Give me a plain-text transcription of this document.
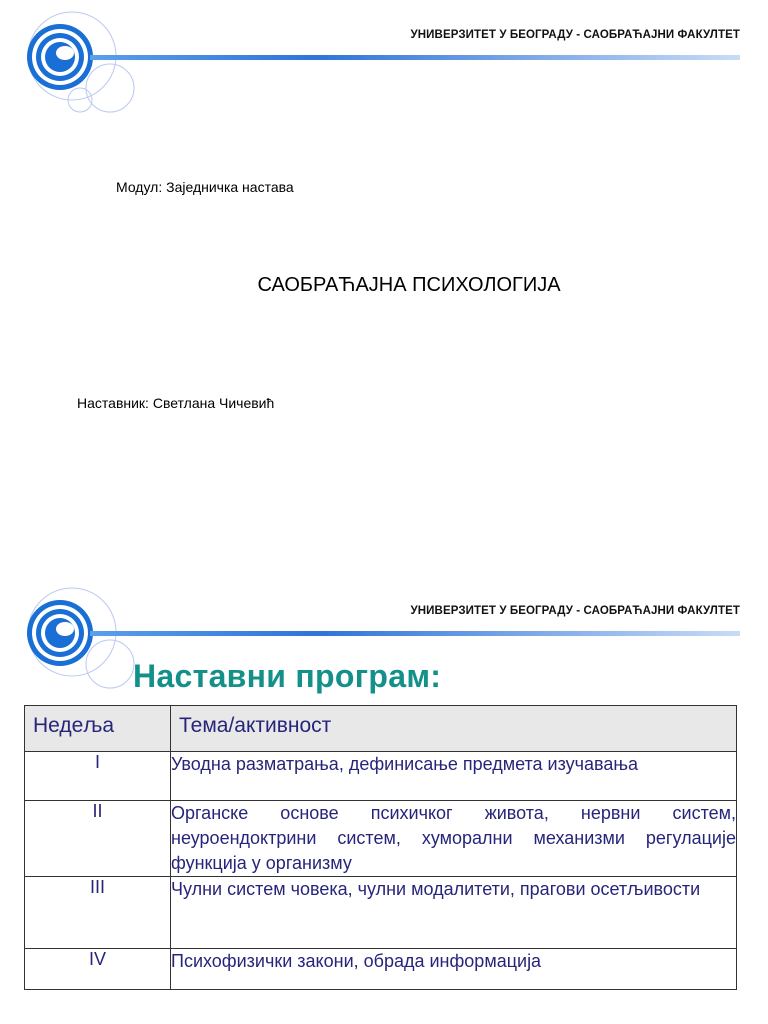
УНИВЕРЗИТЕТ У БЕОГРАДУ - САОБРАЋАЈНИ ФАКУЛТЕТ
Модул: Заједничка настава
САОБРАЋАЈНА ПСИХОЛОГИЈА
Наставник: Светлана Чичевић
УНИВЕРЗИТЕТ У БЕОГРАДУ - САОБРАЋАЈНИ ФАКУЛТЕТ
Наставни програм:
Недеља	Тема/активност
I	Уводна разматрања, дефинисање предмета изучавања
II	Органске основе психичког живота, нервни систем, неуроендоктрини систем, хуморални механизми регулације функција у организму
III	Чулни систем човека, чулни модалитети, прагови осетљивости
IV	Психофизички закони, обрада информација
